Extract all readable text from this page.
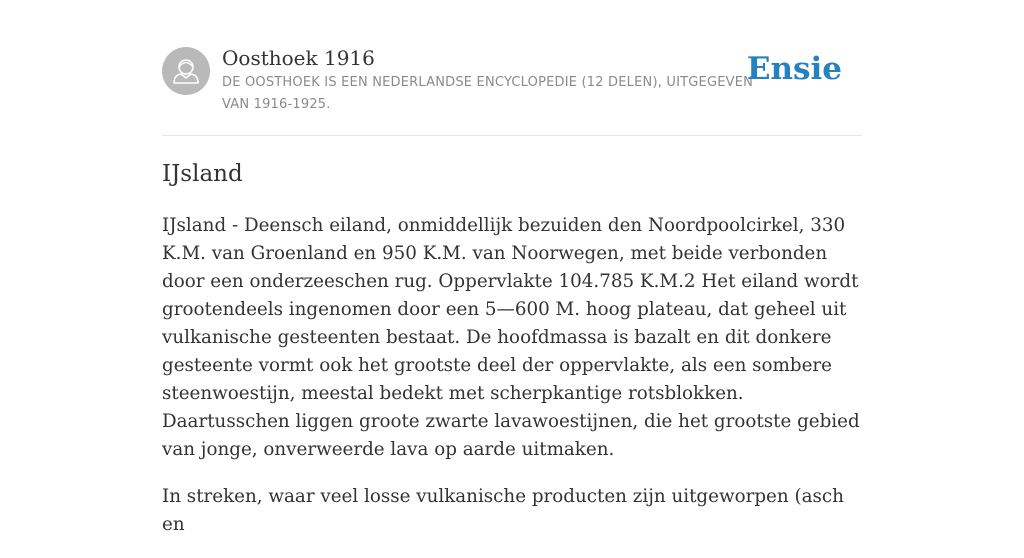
Oosthoek 1916

DE OOSTHOEK IS EEN NEDERLANDSE ENCYCLOPEDIE (12 DELEN), UITGEGEVEN VAN 1916-1925.

Ensie
IJsland

IJsland - Deensch eiland, onmiddellijk bezuiden den Noordpoolcirkel, 330 K.M. van Groenland en 950 K.M. van Noorwegen, met beide verbonden door een onderzeeschen rug. Oppervlakte 104.785 K.M.2 Het eiland wordt grootendeels ingenomen door een 5—600 M. hoog plateau, dat geheel uit vulkanische gesteenten bestaat. De hoofdmassa is bazalt en dit donkere gesteente vormt ook het grootste deel der oppervlakte, als een sombere steenwoestijn, meestal bedekt met scherpkantige rotsblokken. Daartusschen liggen groote zwarte lavawoestijnen, die het grootste gebied van jonge, onverweerde lava op aarde uitmaken.

In streken, waar veel losse vulkanische producten zijn uitgeworpen (asch en
